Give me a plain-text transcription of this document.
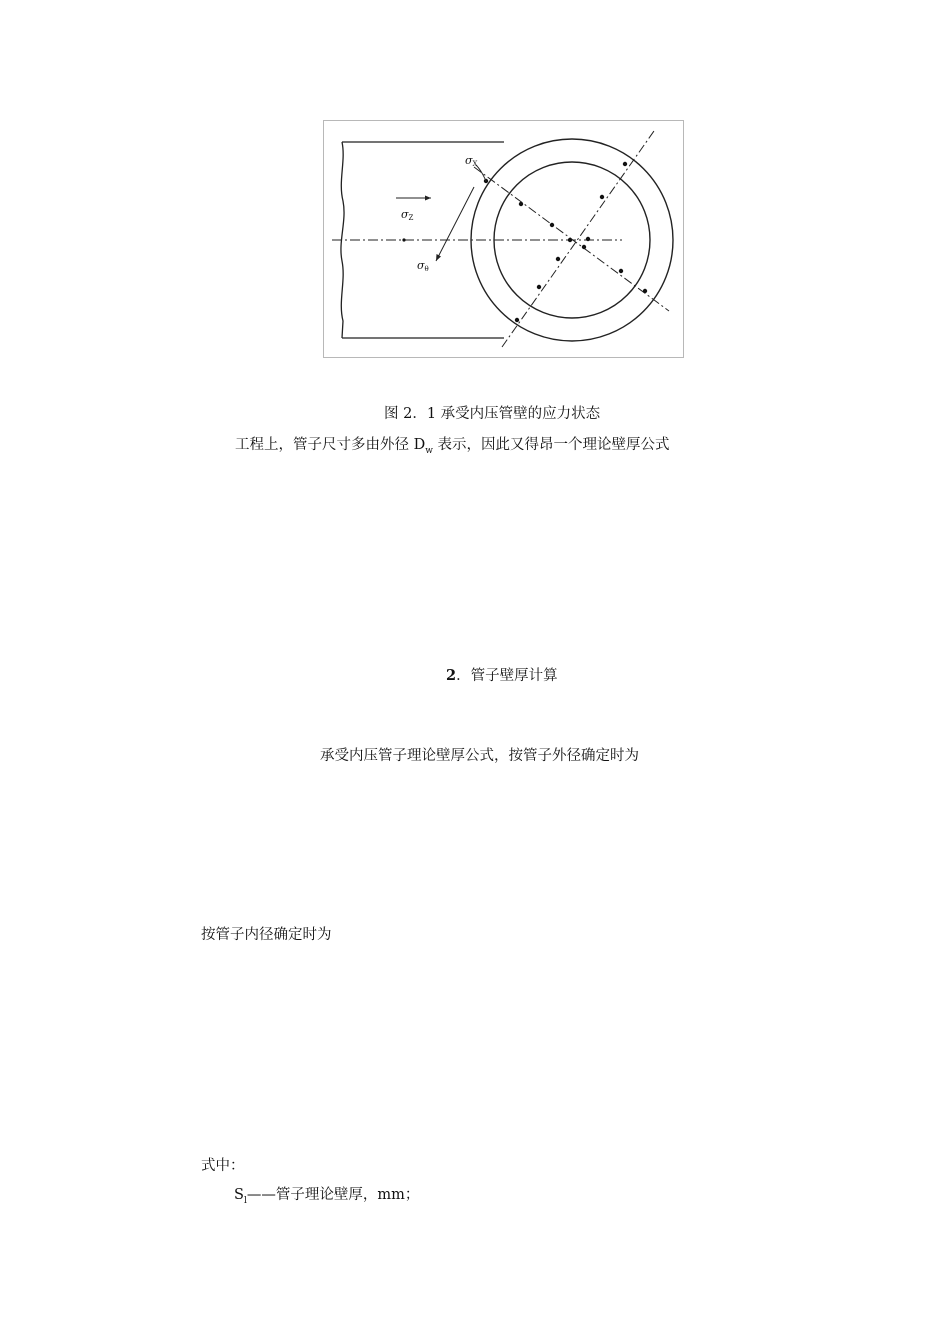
σX
σZ
σθ
图 2．1 承受内压管壁的应力状态
工程上，管子尺寸多由外径 $D_w$ 表示，因此又得昂一个理论壁厚公式
2．管子壁厚计算
承受内压管子理论壁厚公式，按管子外径确定时为
按管子内径确定时为
式中：
$S_l——$管子理论壁厚，mm；
